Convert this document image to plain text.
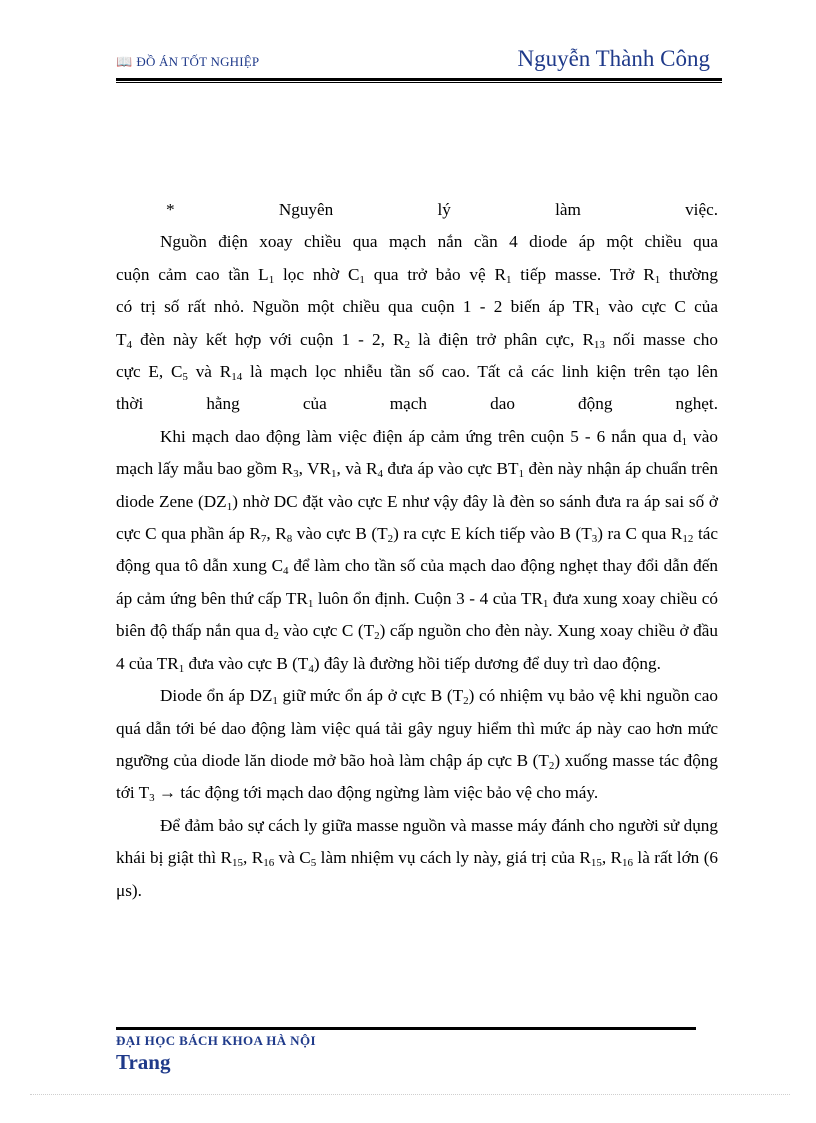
📖 ĐỒ ÁN TỐT NGHIỆP	Nguyễn Thành Công

* Nguyên lý làm việc.

Nguồn điện xoay chiều qua mạch nắn cần 4 diode áp một chiều qua
cuộn cảm cao tần $L_1$ lọc nhờ $C_1$ qua trở bảo vệ $R_1$ tiếp masse. Trở $R_1$ thường
có trị số rất nhỏ. Nguồn một chiều qua cuộn 1 - 2 biến áp $TR_1$ vào cực C của
$T_4$ đèn này kết hợp với cuộn 1 - 2, $R_2$ là điện trở phân cực, $R_{13}$ nối masse cho
cực E, $C_5$ và $R_{14}$ là mạch lọc nhiễu tần số cao. Tất cả các linh kiện trên tạo lên
thời hằng của mạch dao động nghẹt.

Khi mạch dao động làm việc điện áp cảm ứng trên cuộn 5 - 6 nắn qua $d_1$ vào mạch lấy mẫu bao gồm $R_3$, $VR_1$, và $R_4$ đưa áp vào cực $BT_1$ đèn này nhận áp chuẩn trên diode Zene $(DZ_1)$ nhờ DC đặt vào cực E như vậy đây là đèn so sánh đưa ra áp sai số ở cực C qua phần áp $R_7$, $R_8$ vào cực B $(T_2)$ ra cực E kích tiếp vào B $(T_3)$ ra C qua $R_{12}$ tác động qua tô dẫn xung $C_4$ để làm cho tần số của mạch dao động nghẹt thay đổi dẫn đến áp cảm ứng bên thứ cấp $TR_1$ luôn ổn định. Cuộn 3 - 4 của $TR_1$ đưa xung xoay chiều có biên độ thấp nắn qua $d_2$ vào cực C $(T_2)$ cấp nguồn cho đèn này. Xung xoay chiều ở đầu 4 của $TR_1$ đưa vào cực B $(T_4)$ đây là đường hồi tiếp dương để duy trì dao động.

Diode ổn áp $DZ_1$ giữ mức ổn áp ở cực B $(T_2)$ có nhiệm vụ bảo vệ khi nguồn cao quá dẫn tới bé dao động làm việc quá tải gây nguy hiểm thì mức áp này cao hơn mức ngưỡng của diode lăn diode mở bão hoà làm chập áp cực B $(T_2)$ xuống masse tác động tới $T_3$ → tác động tới mạch dao động ngừng làm việc bảo vệ cho máy.

Để đảm bảo sự cách ly giữa masse nguồn và masse máy đánh cho người sử dụng khái bị giật thì $R_{15}$, $R_{16}$ và $C_5$ làm nhiệm vụ cách ly này, giá trị của $R_{15}$, $R_{16}$ là rất lớn (6 μs).

ĐẠI HỌC BÁCH KHOA HÀ NỘI
Trang
